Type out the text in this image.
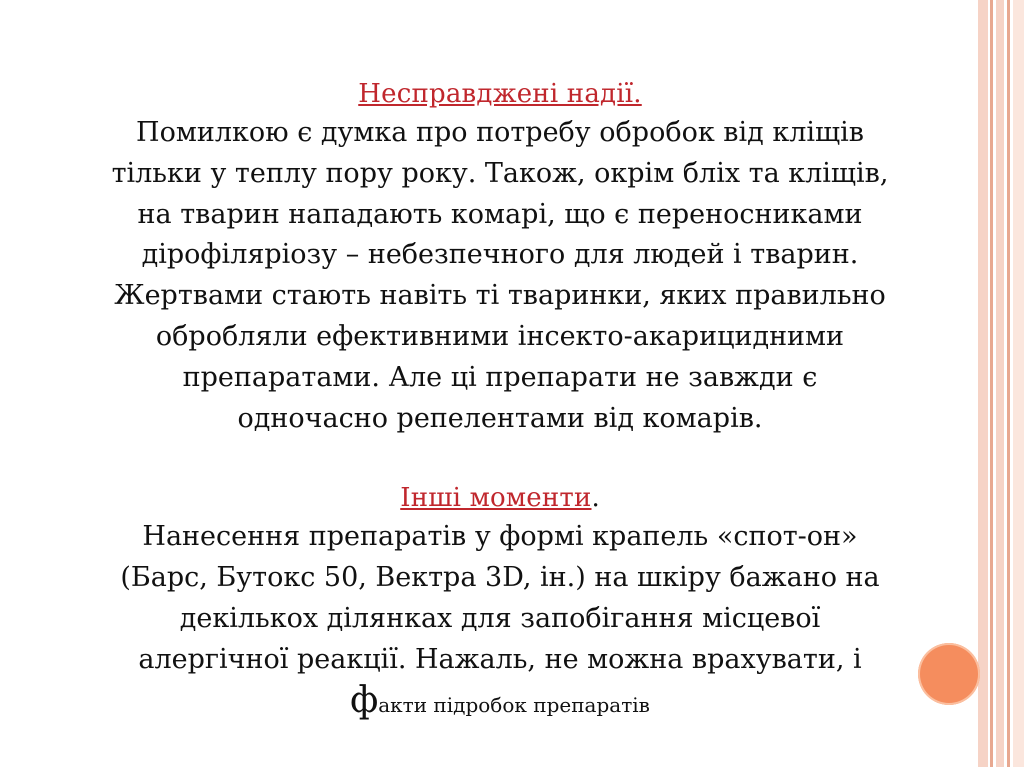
Несправджені надії.
Помилкою є думка про потребу обробок від кліщів
тільки у теплу пору року. Також, окрім бліх та кліщів,
на тварин нападають комарі, що є переносниками
дірофіляріозу – небезпечного для людей і тварин.
Жертвами стають навіть ті тваринки, яких правильно
обробляли ефективними інсекто-акарицидними
препаратами. Але ці препарати не завжди є
одночасно репелентами від комарів.
Інші моменти.
Нанесення препаратів у формі крапель «спот-он»
(Барс, Бутокс 50, Вектра 3D, ін.) на шкіру бажано на
декількох ділянках для запобігання місцевої
алергічної реакції. Нажаль, не можна врахувати, і
факти підробок препаратів
